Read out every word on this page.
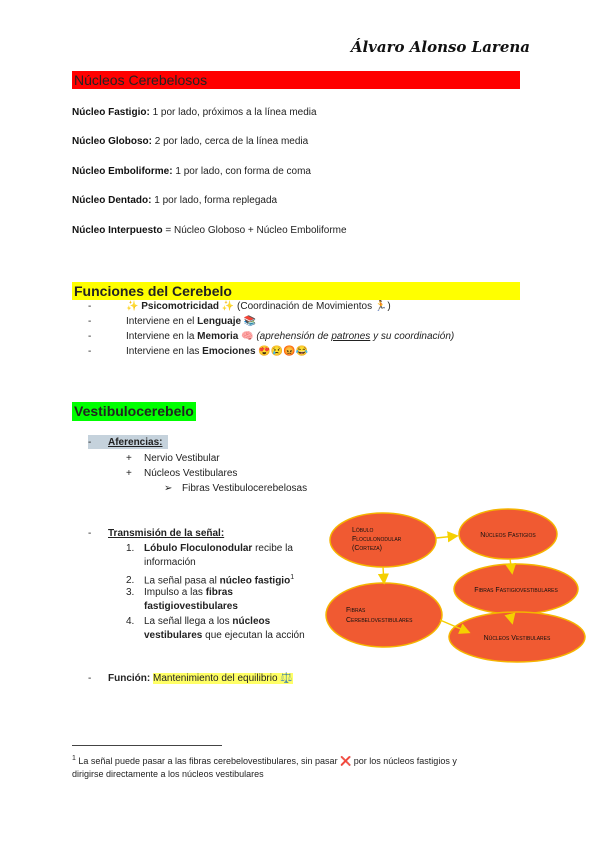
Álvaro Alonso Larena
Núcleos Cerebelosos
Núcleo Fastigio: 1 por lado, próximos a la línea media
Núcleo Globoso: 2 por lado, cerca de la línea media
Núcleo Emboliforme: 1 por lado, con forma de coma
Núcleo Dentado: 1 por lado, forma replegada
Núcleo Interpuesto = Núcleo Globoso + Núcleo Emboliforme
Funciones del Cerebelo
-	✨ Psicomotricidad ✨ (Coordinación de Movimientos 🏃)
-	Interviene en el Lenguaje 📚
-	Interviene en la Memoria 🧠 (aprehensión de patrones y su coordinación)
-	Interviene en las Emociones 😍😢😡😂
Vestibulocerebelo
- Aferencias:
+ Nervio Vestibular
+ Núcleos Vestibulares
➢ Fibras Vestibulocerebelosas
- Transmisión de la señal:
1. Lóbulo Floculonodular recibe la
información
2. La señal pasa al núcleo fastigio$^1$
3. Impulso a las fibras
fastigiovestibulares
4. La señal llega a los núcleos
vestibulares que ejecutan la acción
- Función: Mantenimiento del equilibrio ⚖️
Lóbulo
Floculonodular
(Corteza)
Núcleos Fastigios
Fibras Fastigiovestibulares
Fibras
Cerebelovestibulares
Núcleos Vestibulares
$^1$ La señal puede pasar a las fibras cerebelovestibulares, sin pasar ❌ por los núcleos fastigios y
dirigirse directamente a los núcleos vestibulares
